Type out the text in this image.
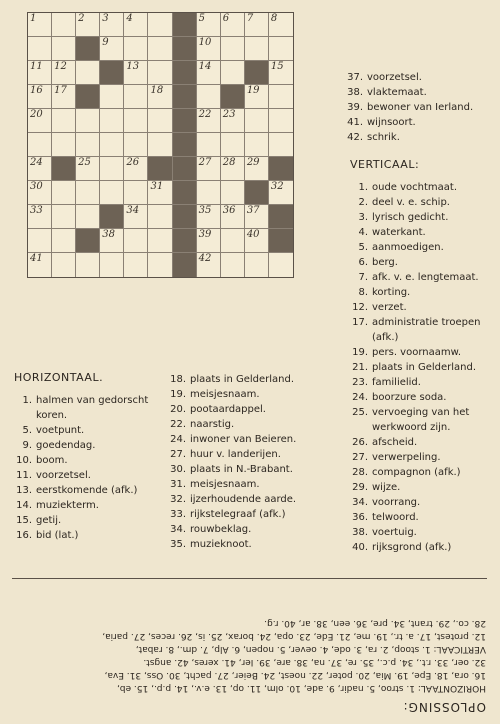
1	2 3 4	5 6 7 8
9	10
11 12	13	14	15
16 17	18	19
20	22 23
24	25	26	27 28 29
30	31	32
33	34	35 36 37
38	39	40
41	42
37. voorzetsel.
38. vlaktemaat.
39. bewoner van Ierland.
41. wijnsoort.
42. schrik.
VERTICAAL:
1. oude vochtmaat.
2. deel v. e. schip.
3. lyrisch gedicht.
4. waterkant.
5. aanmoedigen.
6. berg.
7. afk. v. e. lengtemaat.
8. korting.
12. verzet.
17. administratie troepen
(afk.)
19. pers. voornaamw.
21. plaats in Gelderland.
23. familielid.
24. boorzure soda.
25. vervoeging van het
werkwoord zijn.
26. afscheid.
27. verwerpeling.
28. compagnon (afk.)
29. wijze.
34. voorrang.
36. telwoord.
38. voertuig.
40. rijksgrond (afk.)
HORIZONTAAL.
1. halmen van gedorscht
koren.
5. voetpunt.
9. goedendag.
10. boom.
11. voorzetsel.
13. eerstkomende (afk.)
14. muziekterm.
15. getij.
16. bid (lat.)
18. plaats in Gelderland.
19. meisjesnaam.
20. pootaardappel.
22. naarstig.
24. inwoner van Beieren.
27. huur v. landerijen.
30. plaats in N.-Brabant.
31. meisjesnaam.
32. ijzerhoudende aarde.
33. rijkstelegraaf (afk.)
34. rouwbeklag.
35. muzieknoot.
OPLOSSING:
HORIZONTAAL: 1. stroo, 5. nadir, 9. ade, 10. olm, 11. op, 13. e.v., 14. p.p., 15. eb,
16. ora, 18. Epe, 19. Mia, 20. poter, 22. noest, 24. Beier, 27. pacht, 30. Oss, 31. Eva,
32. oer, 33. r.t., 34. p.c., 35. re, 37. na, 38. are, 39. Ier, 41. xeres, 42. angst.
VERTICAAL: 1. stoop, 2. ra, 3. ode, 4. oever, 5. nopen, 6. Alp, 7. dm., 8. rabat,
12. protest, 17. a. tr., 19. me, 21. Ede, 23. opa, 24. borax, 25. is, 26. reces, 27. paria,
28. co., 29. trant, 34. pre, 36. een, 38. ar, 40. r.g.
